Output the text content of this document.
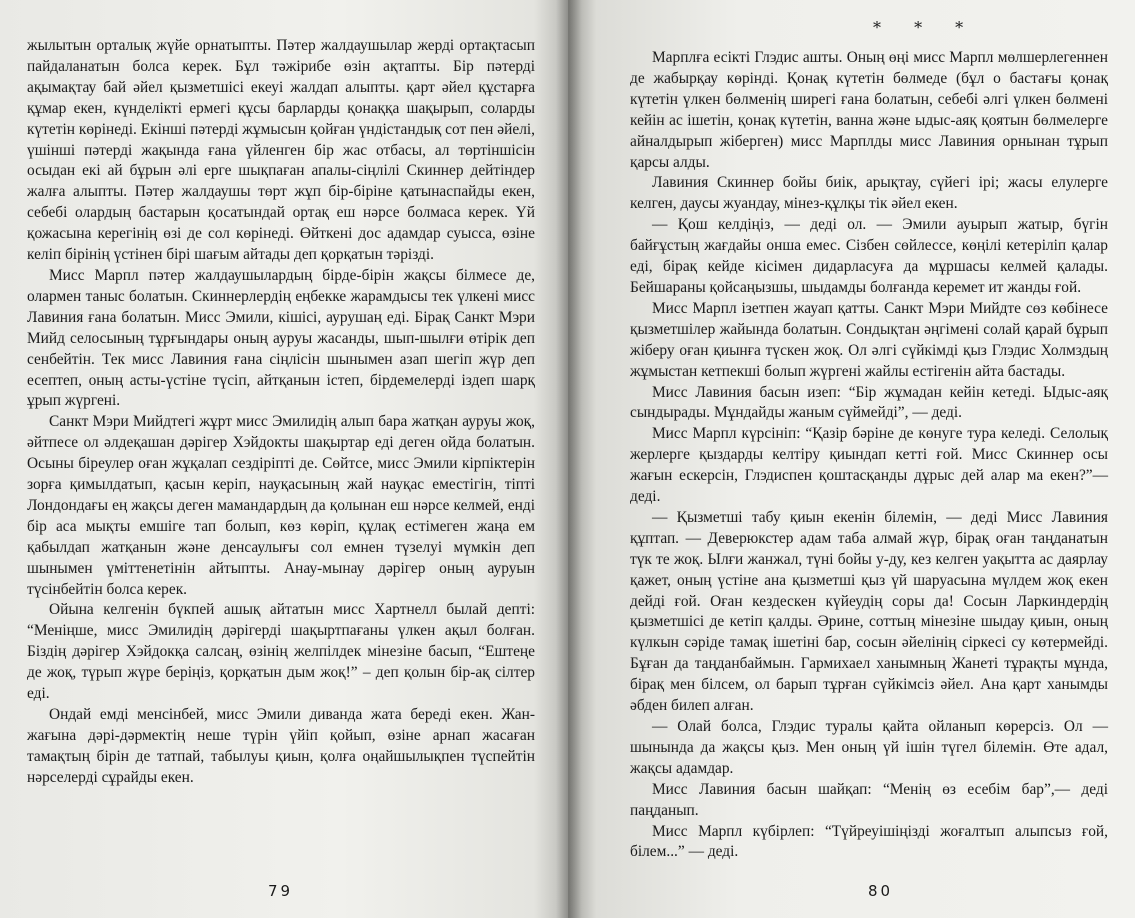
жылытын орталық жүйе орнатыпты. Пәтер жалдаушылар жерді ортақтасып пайдаланатын болса керек. Бұл тәжірибе өзін ақтапты. Бір пәтерді ақымақтау бай әйел қызметшісі екеуі жалдап алыпты. қарт әйел құстарға құмар екен, күнделікті ермегі құсы барларды қонаққа шақырып, соларды күтетін көрінеді. Екінші пәтерді жұмысын қойған үндістандық сот пен әйелі, үшінші пәтерді жақында ғана үйленген бір жас отбасы, ал төртіншісін осыдан екі ай бұрын әлі ерге шықпаған апалы-сіңлілі Скиннер дейтіндер жалға алыпты. Пәтер жалдаушы төрт жұп бір-біріне қатынаспайды екен, себебі олардың бастарын қосатындай ортақ еш нәрсе болмаса керек. Үй қожасына керегінің өзі де сол көрінеді. Өйткені дос адамдар суысса, өзіне келіп бірінің үстінен бірі шағым айтады деп қорқатын тәрізді.

Мисс Марпл пәтер жалдаушылардың бірде-бірін жақсы білмесе де, олармен таныс болатын. Скиннерлердің еңбекке жарамдысы тек үлкені мисс Лавиния ғана болатын. Мисс Эмили, кішісі, аурушаң еді. Бірақ Санкт Мэри Мийд селосының тұрғындары оның ауруы жасанды, шып-шылғи өтірік деп сенбейтін. Тек мисс Лавиния ғана сіңлісін шынымен азап шегіп жүр деп есептеп, оның асты-үстіне түсіп, айтқанын істеп, бірдемелерді іздеп шарқ ұрып жүргені.

Санкт Мэри Мийдтегі жұрт мисс Эмилидің алып бара жатқан ауруы жоқ, әйтпесе ол әлдеқашан дәрігер Хэйдокты шақыртар еді деген ойда болатын. Осыны біреулер оған жұқалап сездіріпті де. Сөйтсе, мисс Эмили кірпіктерін зорға қимылдатып, қасын керіп, науқасының жай науқас еместігін, тіпті Лондондағы ең жақсы деген мамандардың да қолынан еш нәрсе келмей, енді бір аса мықты емшіге тап болып, көз көріп, құлақ естімеген жаңа ем қабылдап жатқанын және денсаулығы сол емнен түзелуі мүмкін деп шынымен үміттенетінін айтыпты. Анау-мынау дәрігер оның ауруын түсінбейтін болса керек.

Ойына келгенін бүкпей ашық айтатын мисс Хартнелл былай депті: “Меніңше, мисс Эмилидің дәрігерді шақыртпағаны үлкен ақыл болған. Біздің дәрігер Хэйдокқа салсаң, өзінің желпілдек мінезіне басып, “Ештеңе де жоқ, түрып жүре беріңіз, қорқатын дым жоқ!” – деп қолын бір-ақ сілтер еді.

Ондай емді менсінбей, мисс Эмили диванда жата береді екен. Жан-жағына дәрі-дәрмектің неше түрін үйіп қойып, өзіне арнап жасаған тамақтың бірін де татпай, табылуы қиын, қолға оңайшылықпен түспейтін нәрселерді сұрайды екен.

79
* * *

Марплға есікті Глэдис ашты. Оның өңі мисс Марпл мөлшерлегеннен де жабырқау көрінді. Қонақ күтетін бөлмеде (бұл о бастағы қонақ күтетін үлкен бөлменің ширегі ғана болатын, себебі әлгі үлкен бөлмені кейін ас ішетін, қонақ күтетін, ванна және ыдыс-аяқ қоятын бөлмелерге айналдырып жіберген) мисс Марплды мисс Лавиния орнынан тұрып қарсы алды.

Лавиния Скиннер бойы биік, арықтау, сүйегі ірі; жасы елулерге келген, даусы жуандау, мінез-құлқы тік әйел екен.

— Қош келдіңіз, — деді ол. — Эмили ауырып жатыр, бүгін байғұстың жағдайы онша емес. Сізбен сөйлессе, көңілі кетеріліп қалар еді, бірақ кейде кісімен дидарласуға да мұршасы келмей қалады. Бейшараны қойсаңызшы, шыдамды болғанда керемет ит жанды ғой.

Мисс Марпл ізетпен жауап қатты. Санкт Мэри Мийдте сөз көбінесе қызметшілер жайында болатын. Сондықтан әңгімені солай қарай бұрып жіберу оған қиынға түскен жоқ. Ол әлгі сүйкімді қыз Глэдис Холмздың жұмыстан кетпекші болып жүргені жайлы естігенін айта бастады.

Мисс Лавиния басын изеп: “Бір жұмадан кейін кетеді. Ыдыс-аяқ сындырады. Мұндайды жаным сүймейді”, — деді.

Мисс Марпл күрсініп: “Қазір бәріне де көнуге тура келеді. Селолық жерлерге қыздарды келтіру қиындап кетті ғой. Мисс Скиннер осы жағын ескерсін, Глэдиспен қоштасқанды дұрыс дей алар ма екен?”— деді.

— Қызметші табу қиын екенін білемін, — деді Мисс Лавиния құптап. — Деверюкстер адам таба алмай жүр, бірақ оған таңданатын түк те жоқ. Ылғи жанжал, түні бойы у-ду, кез келген уақытта ас даярлау қажет, оның үстіне ана қызметші қыз үй шаруасына мүлдем жоқ екен дейді ғой. Оған кездескен күйеудің соры да! Сосын Ларкиндердің қызметшісі де кетіп қалды. Әрине, соттың мінезіне шыдау қиын, оның күлкын сәріде тамақ ішетіні бар, сосын әйелінің сіркесі су көтермейді. Бұған да таңданбаймын. Гармихаел ханымның Жанеті тұрақты мұнда, бірақ мен білсем, ол барып тұрған сүйкімсіз әйел. Ана қарт ханымды әбден билеп алған.

— Олай болса, Глэдис туралы қайта ойланып көрерсіз. Ол — шынында да жақсы қыз. Мен оның үй ішін түгел білемін. Өте адал, жақсы адамдар.

Мисс Лавиния басын шайқап: “Менің өз есебім бар”,— деді паңданып.

Мисс Марпл күбірлеп: “Түйреуішіңізді жоғалтып алыпсыз ғой, білем...” — деді.

80
